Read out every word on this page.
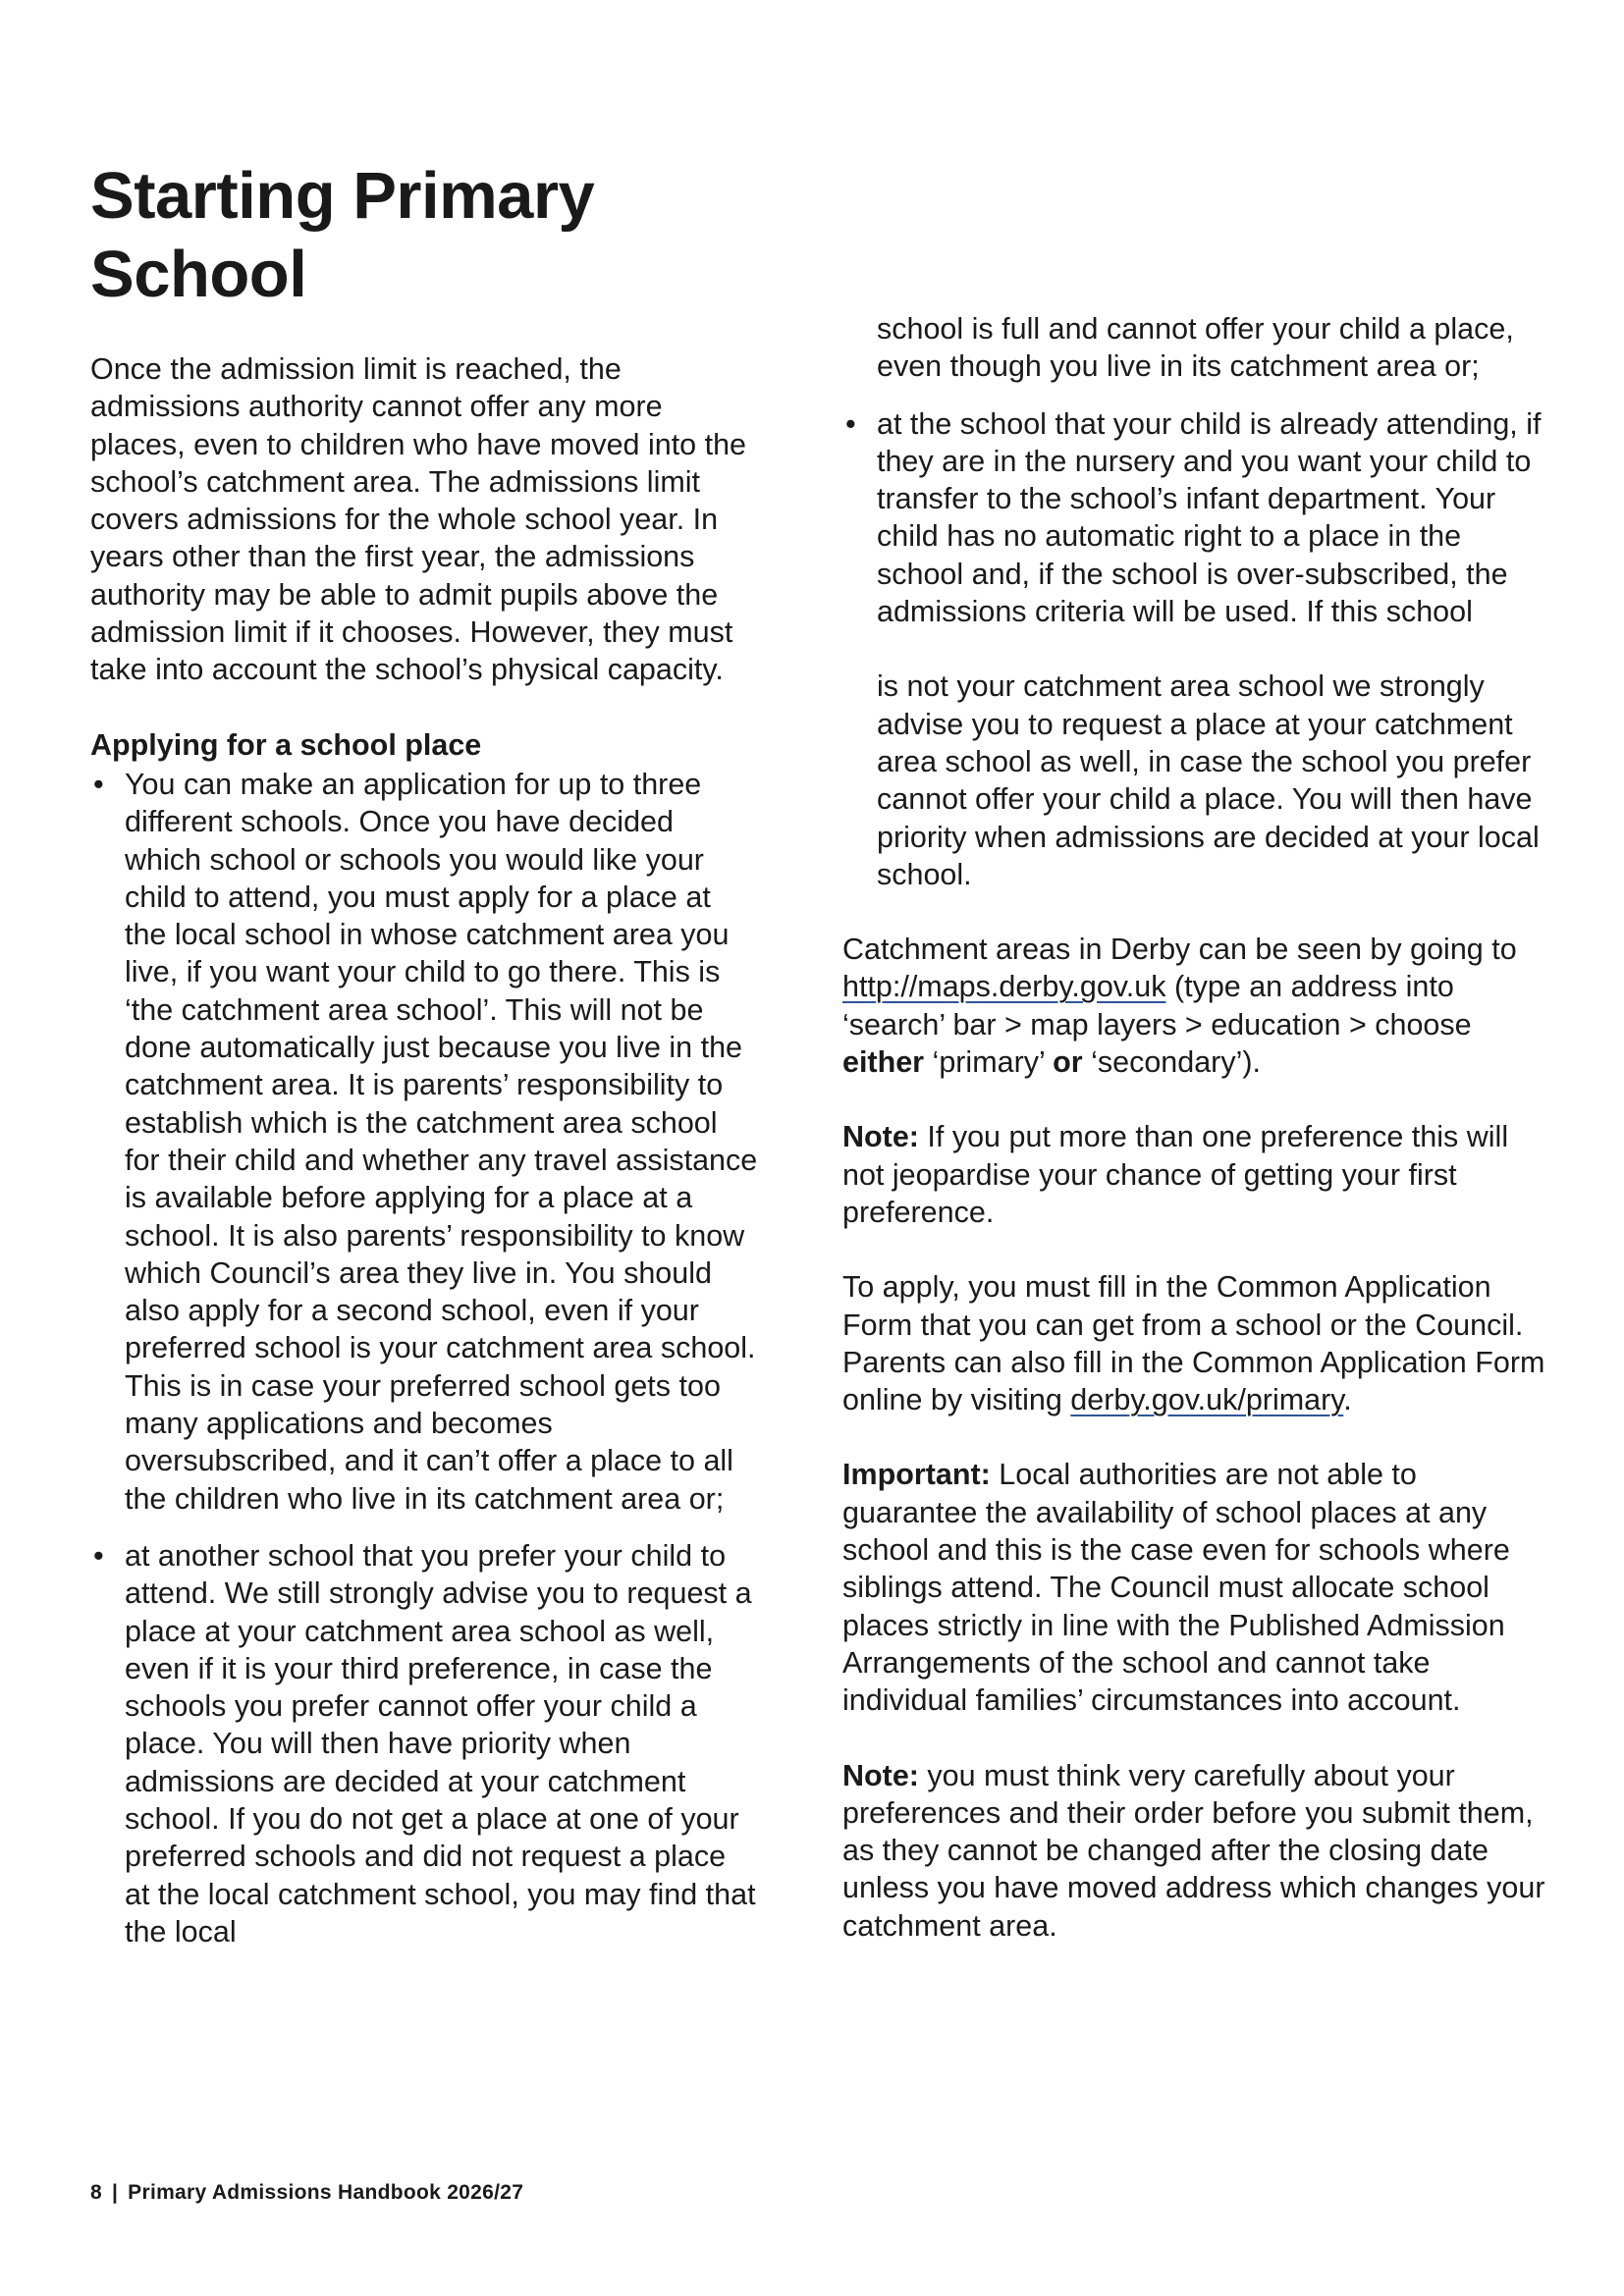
Starting Primary School

Once the admission limit is reached, the admissions authority cannot offer any more places, even to children who have moved into the school’s catchment area. The admissions limit covers admissions for the whole school year. In years other than the first year, the admissions authority may be able to admit pupils above the admission limit if it chooses. However, they must take into account the school’s physical capacity.

Applying for a school place

• You can make an application for up to three different schools. Once you have decided which school or schools you would like your child to attend, you must apply for a place at the local school in whose catchment area you live, if you want your child to go there. This is ‘the catchment area school’. This will not be done automatically just because you live in the catchment area. It is parents’ responsibility to establish which is the catchment area school for their child and whether any travel assistance is available before applying for a place at a school. It is also parents’ responsibility to know which Council’s area they live in. You should also apply for a second school, even if your preferred school is your catchment area school. This is in case your preferred school gets too many applications and becomes oversubscribed, and it can’t offer a place to all the children who live in its catchment area or;
• at another school that you prefer your child to attend. We still strongly advise you to request a place at your catchment area school as well, even if it is your third preference, in case the schools you prefer cannot offer your child a place. You will then have priority when admissions are decided at your catchment school. If you do not get a place at one of your preferred schools and did not request a place at the local catchment school, you may find that the local

school is full and cannot offer your child a place, even though you live in its catchment area or;

• at the school that your child is already attending, if they are in the nursery and you want your child to transfer to the school’s infant department. Your child has no automatic right to a place in the school and, if the school is over-subscribed, the admissions criteria will be used. If this school

is not your catchment area school we strongly advise you to request a place at your catchment area school as well, in case the school you prefer cannot offer your child a place. You will then have priority when admissions are decided at your local school.

Catchment areas in Derby can be seen by going to http://maps.derby.gov.uk (type an address into ‘search’ bar > map layers > education > choose either ‘primary’ or ‘secondary’).

Note: If you put more than one preference this will not jeopardise your chance of getting your first preference.

To apply, you must fill in the Common Application Form that you can get from a school or the Council. Parents can also fill in the Common Application Form online by visiting derby.gov.uk/primary.

Important: Local authorities are not able to guarantee the availability of school places at any school and this is the case even for schools where siblings attend. The Council must allocate school places strictly in line with the Published Admission Arrangements of the school and cannot take individual families’ circumstances into account.

Note: you must think very carefully about your preferences and their order before you submit them, as they cannot be changed after the closing date unless you have moved address which changes your catchment area.

8 | Primary Admissions Handbook 2026/27
